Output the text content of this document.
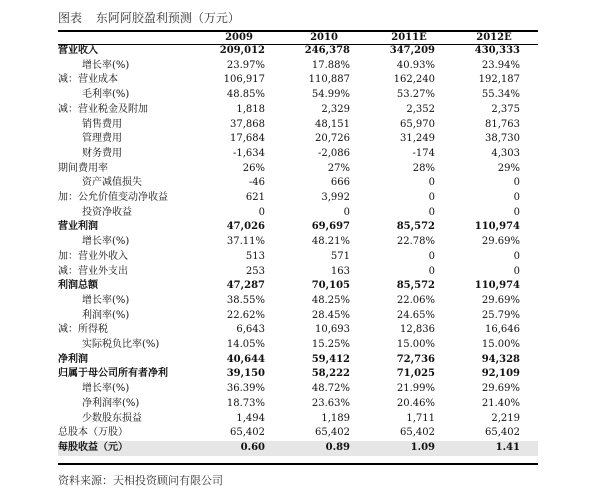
图表 东阿阿胶盈利预测（万元）
	2009	2010	2011E	2012E
营业收入	209,012	246,378	347,209	430,333
增长率(%)	23.97%	17.88%	40.93%	23.94%
减：营业成本	106,917	110,887	162,240	192,187
毛利率(%)	48.85%	54.99%	53.27%	55.34%
减：营业税金及附加	1,818	2,329	2,352	2,375
销售费用	37,868	48,151	65,970	81,763
管理费用	17,684	20,726	31,249	38,730
财务费用	-1,634	-2,086	-174	4,303
期间费用率	26%	27%	28%	29%
资产减值损失	-46	666	0	0
加：公允价值变动净收益	621	3,992	0	0
投资净收益	0	0	0	0
营业利润	47,026	69,697	85,572	110,974
增长率(%)	37.11%	48.21%	22.78%	29.69%
加：营业外收入	513	571	0	0
减：营业外支出	253	163	0	0
利润总额	47,287	70,105	85,572	110,974
增长率(%)	38.55%	48.25%	22.06%	29.69%
利润率(%)	22.62%	28.45%	24.65%	25.79%
减：所得税	6,643	10,693	12,836	16,646
实际税负比率(%)	14.05%	15.25%	15.00%	15.00%
净利润	40,644	59,412	72,736	94,328
归属于母公司所有者净利	39,150	58,222	71,025	92,109
增长率(%)	36.39%	48.72%	21.99%	29.69%
净利润率(%)	18.73%	23.63%	20.46%	21.40%
少数股东损益	1,494	1,189	1,711	2,219
总股本（万股）	65,402	65,402	65,402	65,402
每股收益（元）	0.60	0.89	1.09	1.41
资料来源：天相投资顾问有限公司
